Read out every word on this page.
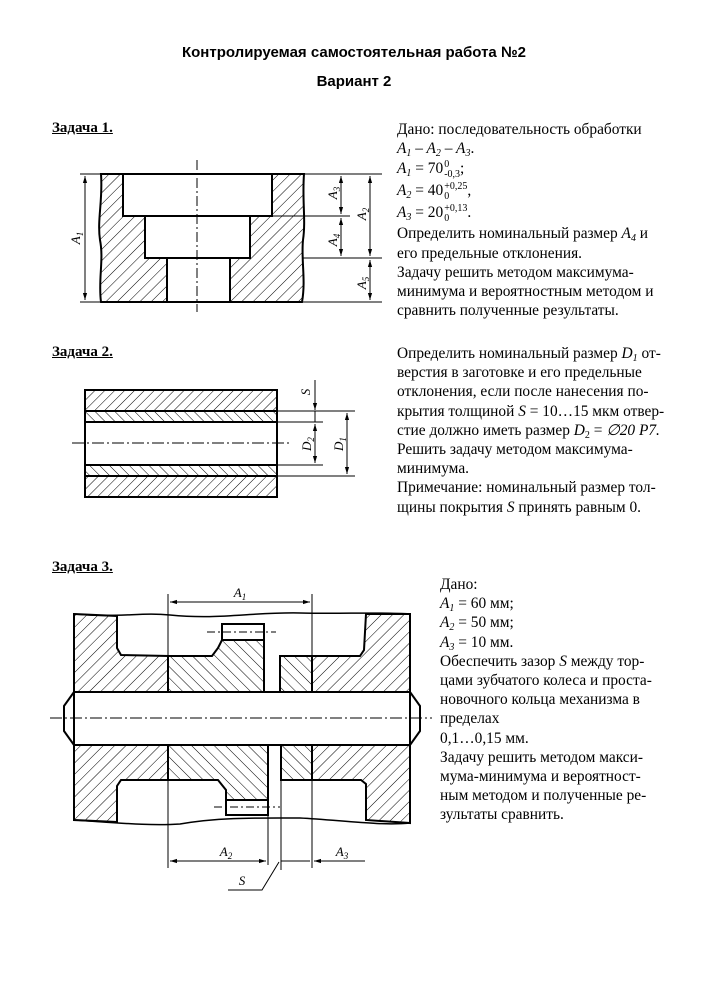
Контролируемая самостоятельная работа №2
Вариант 2
Задача 1.	Дано: последовательность обработки
$A_1 - A_2 - A_3$.
$A_1 = 70$ 0
-0,3 ;
$A_2 = 40 +0,25$
0	,
$A_3 = 20 +0,13$
0	.
Определить номинальный размер $A_4$ и
его предельные отклонения.
Задачу решить методом максимума-
минимума и вероятностным методом и
сравнить полученные результаты.
Задача 2.	Определить номинальный размер $D_1$ от-
верстия в заготовке и его предельные
отклонения, если после нанесения по-
крытия толщиной S = 10…15 мкм отвер-
стие должно иметь размер $D_2$ = ∅20 P7.
Решить задачу методом максимума-
минимума.
Примечание: номинальный размер тол-
щины покрытия S принять равным 0.
Задача 3.
Дано:
$A_1 = 60$ мм;
$A_2 = 50$ мм;
$A_3 = 10$ мм.
Обеспечить зазор S между тор-
цами зубчатого колеса и проста-
новочного кольца механизма в
пределах
0,1…0,15 мм.
Задачу решить методом макси-
мума-минимума и вероятност-
ным методом и полученные ре-
зультаты сравнить.
$A_1$
$A_3$
$A_4$
$A_2$
$A_5$
S
$D_2$
$D_1$
$A_1$
$A_2$	$A_3$
S
